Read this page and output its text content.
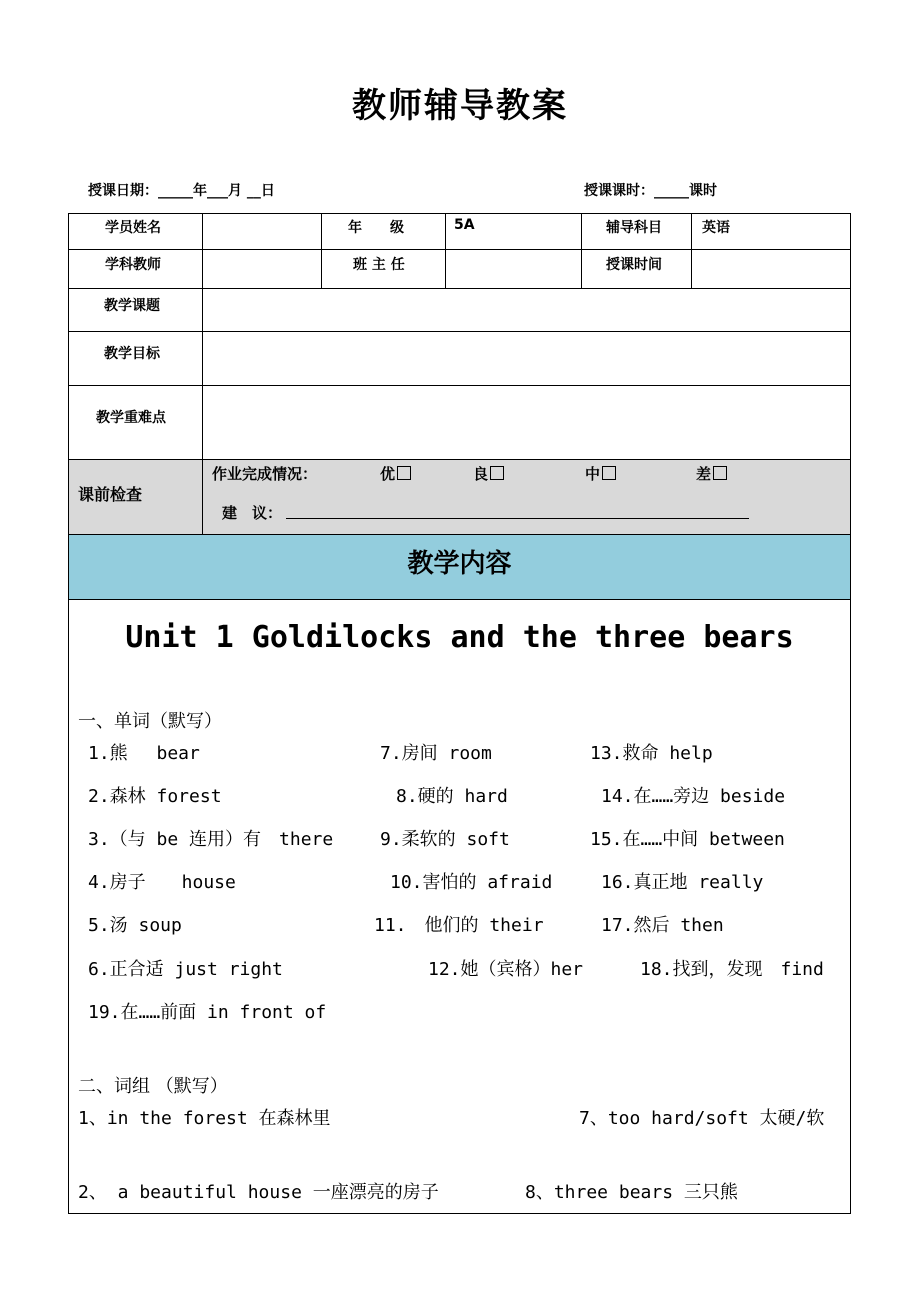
教师辅导教案
授课日期：_____年___月 __日	授课课时：_____课时
学员姓名	年　　级	5A	辅导科目	英语
学科教师	班 主 任	授课时间
教学课题
教学目标
教学重难点
课前检查
作业完成情况：	优	良	中	差
建　议：
教学内容
Unit 1 Goldilocks and the three bears
一、单词（默写）
1.熊　 bear	7.房间 room	13.救命 help
2.森林 forest	8.硬的 hard	14.在……旁边 beside
3.（与 be 连用）有　there	9.柔软的 soft	15.在……中间 between
4.房子　　house	10.害怕的 afraid	16.真正地 really
5.汤 soup	11.　他们的 their	17.然后 then
6.正合适 just right	12.她（宾格）her	18.找到，发现　find
19.在……前面 in front of
二、词组 （默写）
1、in the forest 在森林里	7、too hard/soft 太硬/软
2、 a beautiful house 一座漂亮的房子	8、three bears 三只熊
